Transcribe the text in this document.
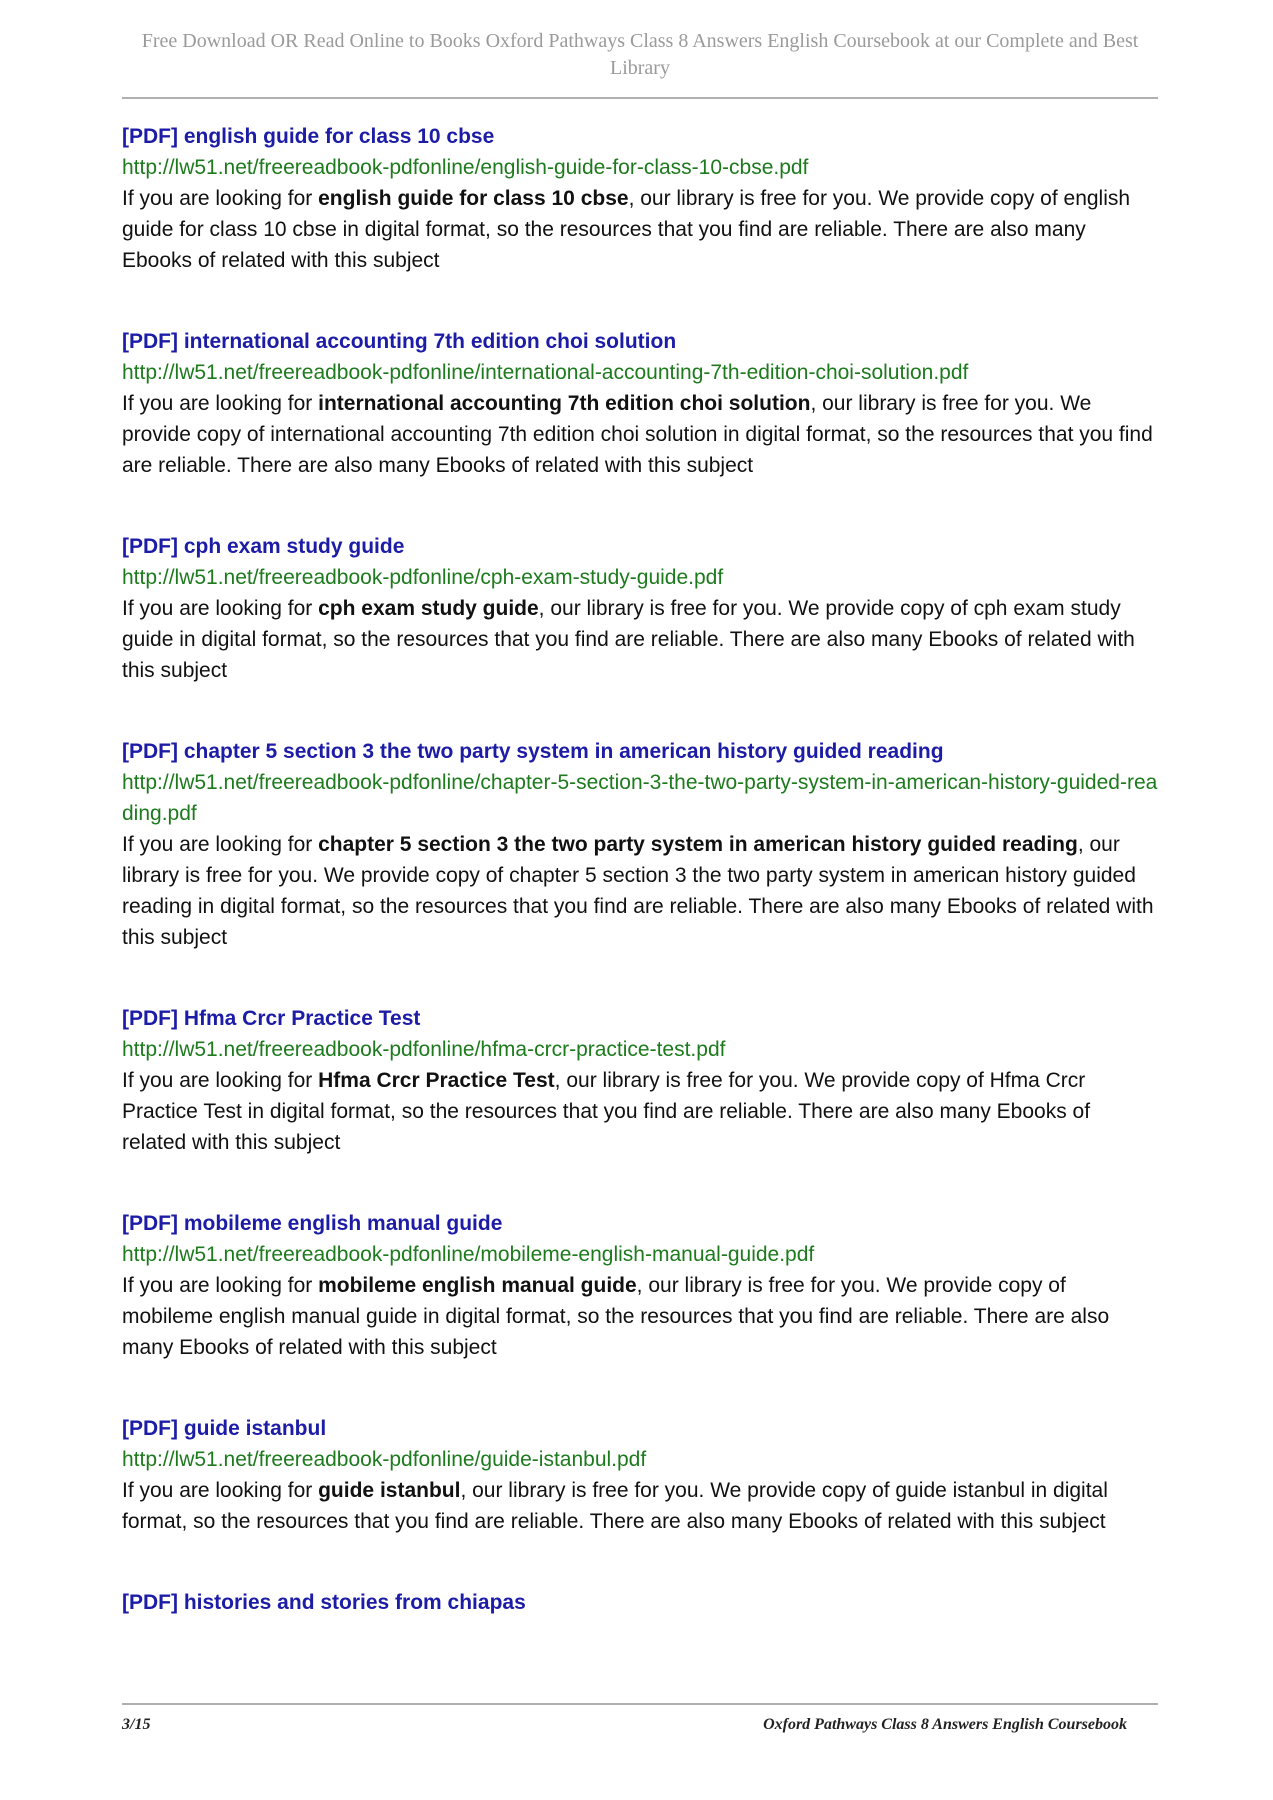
Free Download OR Read Online to Books Oxford Pathways Class 8 Answers English Coursebook at our Complete and Best Library
[PDF] english guide for class 10 cbse
http://lw51.net/freereadbook-pdfonline/english-guide-for-class-10-cbse.pdf
If you are looking for english guide for class 10 cbse, our library is free for you. We provide copy of english guide for class 10 cbse in digital format, so the resources that you find are reliable. There are also many Ebooks of related with this subject
[PDF] international accounting 7th edition choi solution
http://lw51.net/freereadbook-pdfonline/international-accounting-7th-edition-choi-solution.pdf
If you are looking for international accounting 7th edition choi solution, our library is free for you. We provide copy of international accounting 7th edition choi solution in digital format, so the resources that you find are reliable. There are also many Ebooks of related with this subject
[PDF] cph exam study guide
http://lw51.net/freereadbook-pdfonline/cph-exam-study-guide.pdf
If you are looking for cph exam study guide, our library is free for you. We provide copy of cph exam study guide in digital format, so the resources that you find are reliable. There are also many Ebooks of related with this subject
[PDF] chapter 5 section 3 the two party system in american history guided reading
http://lw51.net/freereadbook-pdfonline/chapter-5-section-3-the-two-party-system-in-american-history-guided-reading.pdf
If you are looking for chapter 5 section 3 the two party system in american history guided reading, our library is free for you. We provide copy of chapter 5 section 3 the two party system in american history guided reading in digital format, so the resources that you find are reliable. There are also many Ebooks of related with this subject
[PDF] Hfma Crcr Practice Test
http://lw51.net/freereadbook-pdfonline/hfma-crcr-practice-test.pdf
If you are looking for Hfma Crcr Practice Test, our library is free for you. We provide copy of Hfma Crcr Practice Test in digital format, so the resources that you find are reliable. There are also many Ebooks of related with this subject
[PDF] mobileme english manual guide
http://lw51.net/freereadbook-pdfonline/mobileme-english-manual-guide.pdf
If you are looking for mobileme english manual guide, our library is free for you. We provide copy of mobileme english manual guide in digital format, so the resources that you find are reliable. There are also many Ebooks of related with this subject
[PDF] guide istanbul
http://lw51.net/freereadbook-pdfonline/guide-istanbul.pdf
If you are looking for guide istanbul, our library is free for you. We provide copy of guide istanbul in digital format, so the resources that you find are reliable. There are also many Ebooks of related with this subject
[PDF] histories and stories from chiapas
3/15	Oxford Pathways Class 8 Answers English Coursebook
